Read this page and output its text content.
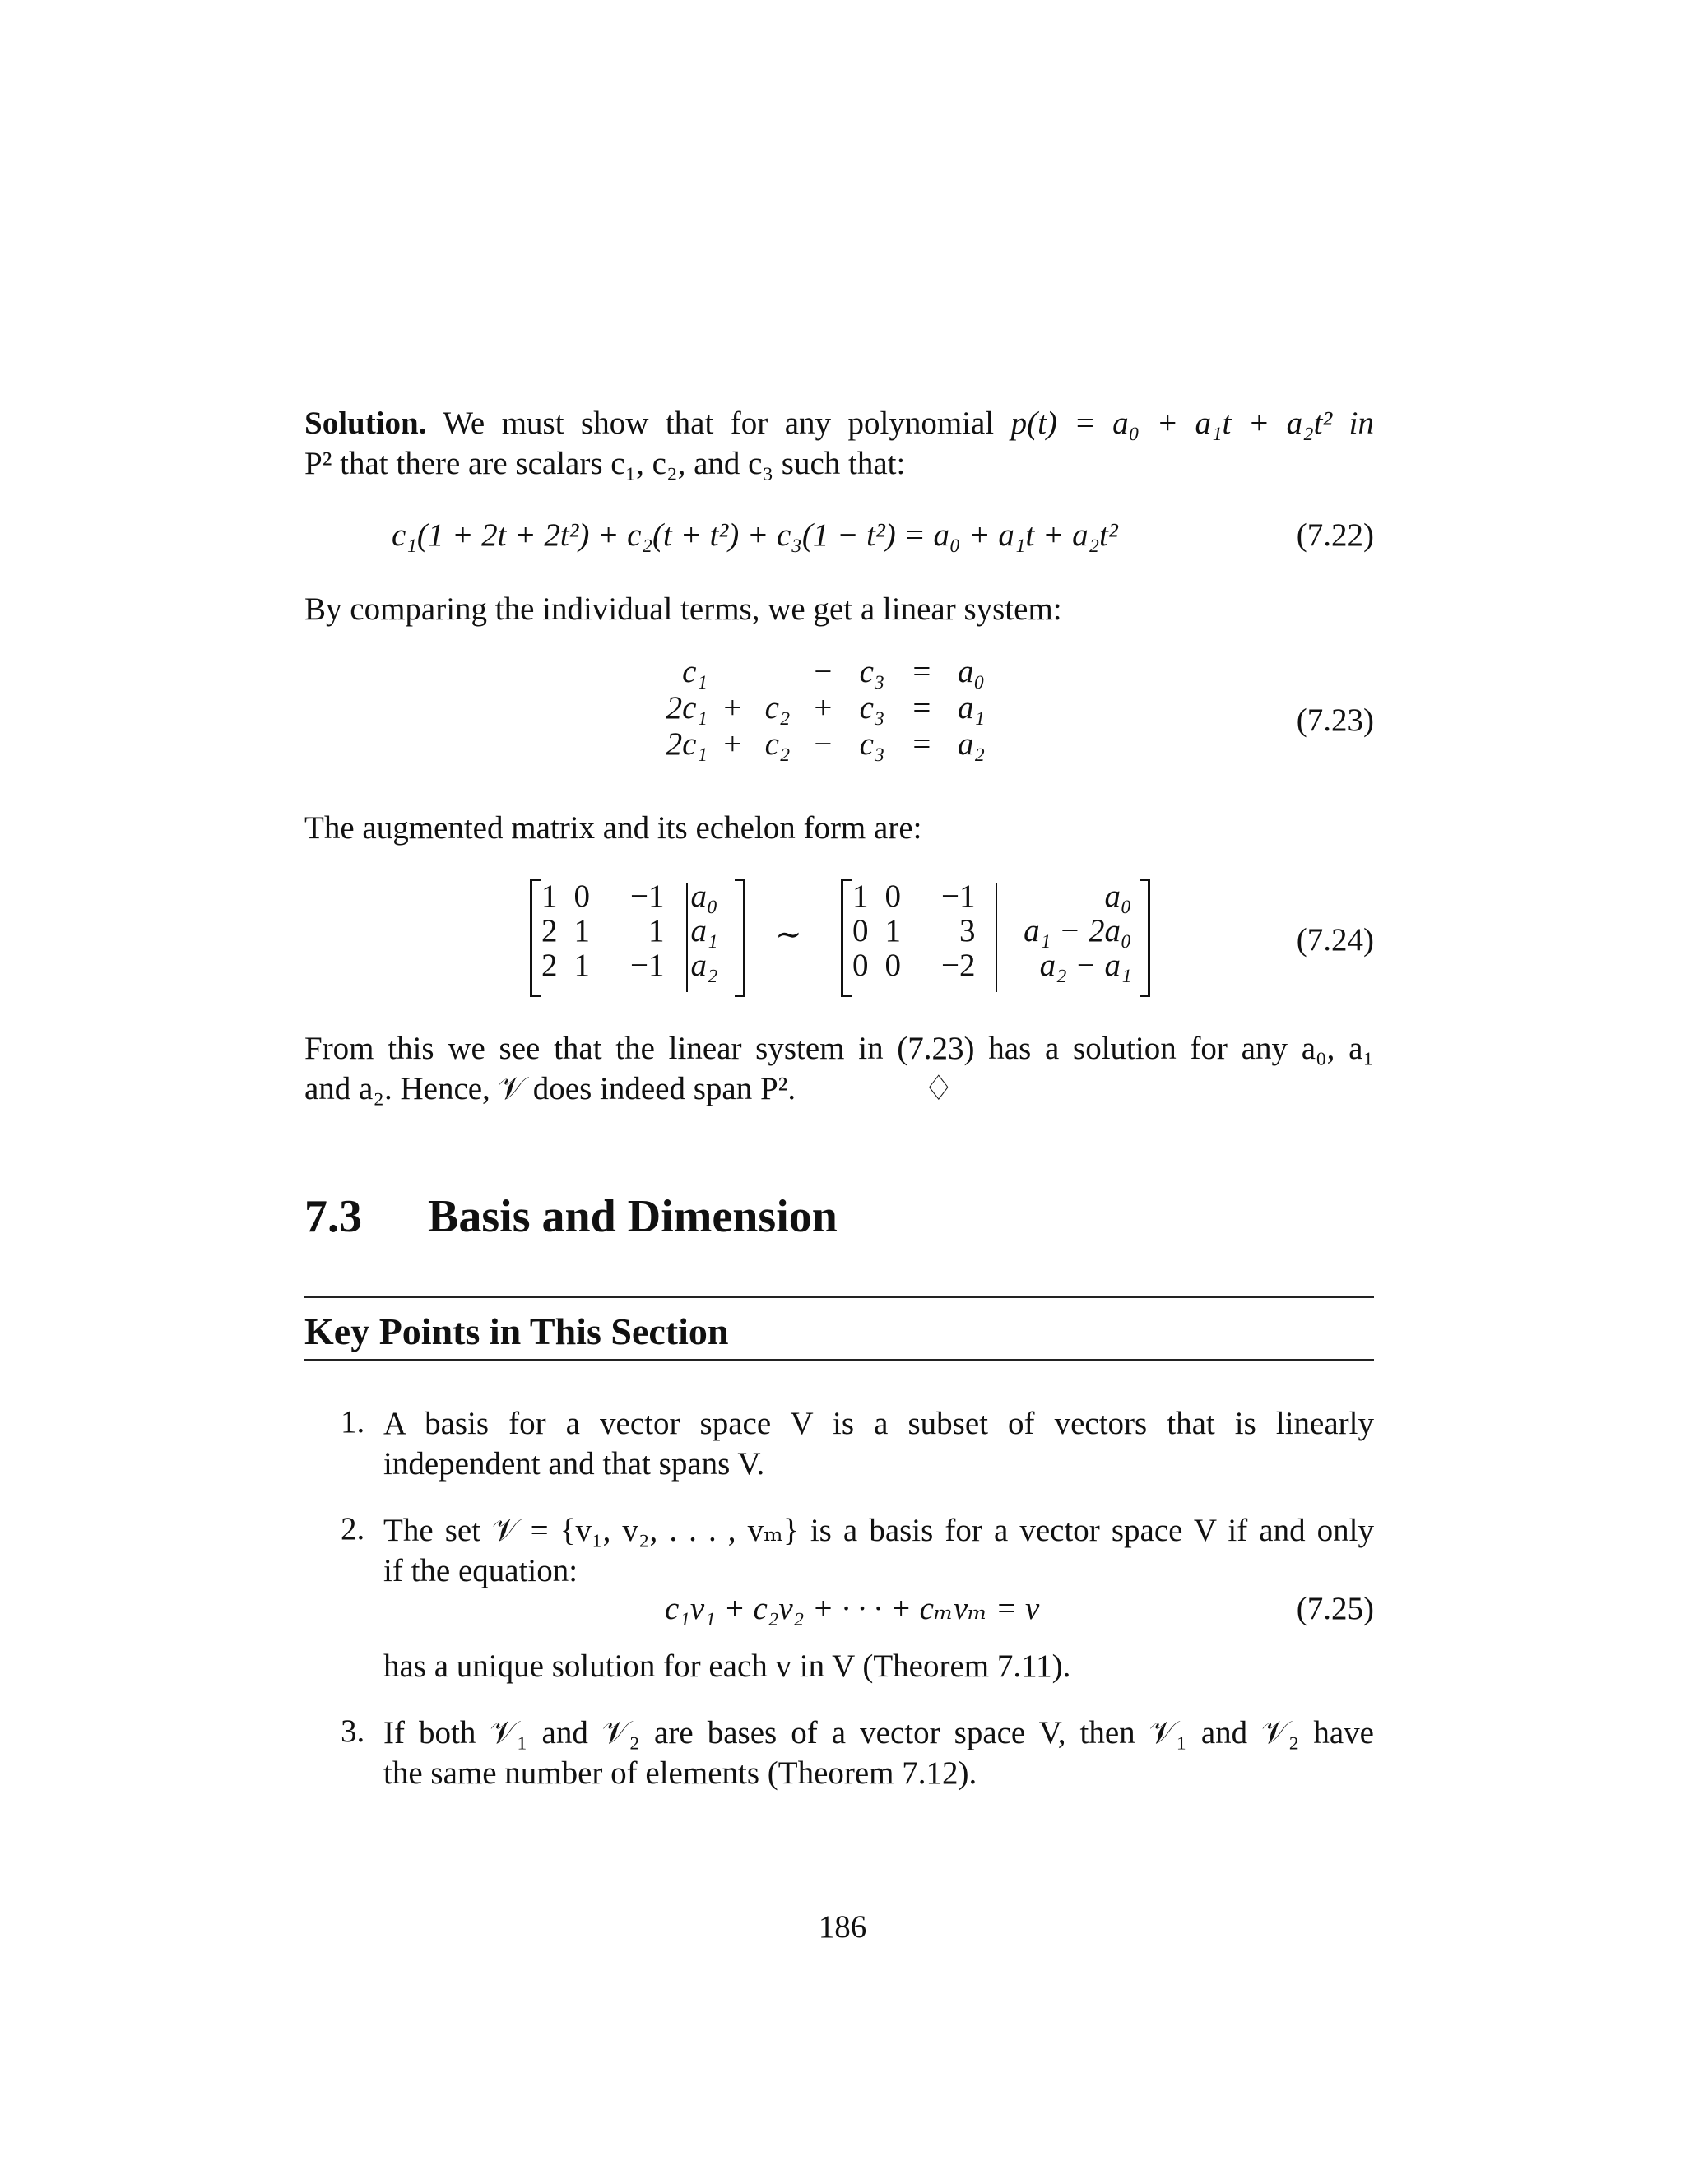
Solution. We must show that for any polynomial p(t) = a₀ + a₁t + a₂t² in
P² that there are scalars c₁, c₂, and c₃ such that:
c₁(1 + 2t + 2t²) + c₂(t + t²) + c₃(1 − t²) = a₀ + a₁t + a₂t²	(7.22)
By comparing the individual terms, we get a linear system:
c₁			−	c₃	=	a₀
2c₁	+	c₂	+	c₃	=	a₁
2c₁	+	c₂	−	c₃	=	a₂
(7.23)
The augmented matrix and its echelon form are:
1	0	−1	a₀
2	1	1	a₁
2	1	−1	a₂
∼
1	0	−1	a₀
0	1	3	a₁ − 2a₀
0	0	−2	a₂ − a₁
(7.24)
From this we see that the linear system in (7.23) has a solution for any a₀, a₁
and a₂. Hence, 𝒱 does indeed span P².	♢
7.3 Basis and Dimension
Key Points in This Section
1. A basis for a vector space V is a subset of vectors that is linearly
independent and that spans V.
2. The set 𝒱 = {v₁, v₂, . . . , vₘ} is a basis for a vector space V if and only
if the equation:
c₁v₁ + c₂v₂ + · · · + cₘvₘ = v	(7.25)
has a unique solution for each v in V (Theorem 7.11).
3. If both 𝒱₁ and 𝒱₂ are bases of a vector space V, then 𝒱₁ and 𝒱₂ have
the same number of elements (Theorem 7.12).
186
